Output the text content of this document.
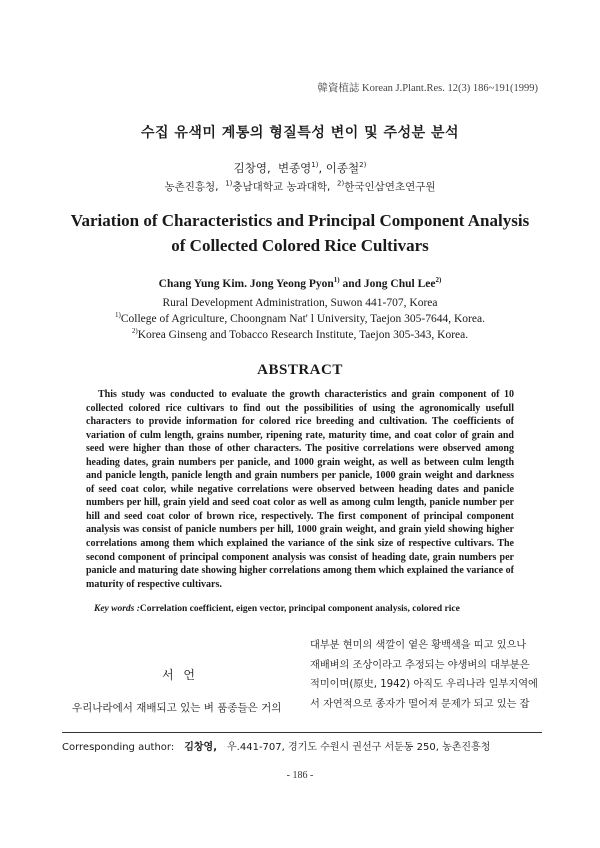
韓資植誌 Korean J.Plant.Res. 12(3) 186~191(1999)
수집 유색미 계통의 형질특성 변이 및 주성분 분석
김창영, 변종영$^{1)}$, 이종철$^{2)}$
농촌진흥청, $^{1)}$충남대학교 농과대학, $^{2)}$한국인삼연초연구원
Variation of Characteristics and Principal Component Analysis
of Collected Colored Rice Cultivars
Chang Yung Kim. Jong Yeong Pyon$^{1)}$ and Jong Chul Lee$^{2)}$
Rural Development Administration, Suwon 441-707, Korea
$^{1)}$College of Agriculture, Choongnam Nat' l University, Taejon 305-7644, Korea.
$^{2)}$Korea Ginseng and Tobacco Research Institute, Taejon 305-343, Korea.
ABSTRACT
This study was conducted to evaluate the growth characteristics and grain component of 10 collected colored rice cultivars to find out the possibilities of using the agronomically usefull characters to provide information for colored rice breeding and cultivation. The coefficients of variation of culm length, grains number, ripening rate, maturity time, and coat color of grain and seed were higher than those of other characters. The positive correlations were observed among heading dates, grain numbers per panicle, and 1000 grain weight, as well as between culm length and panicle length, panicle length and grain numbers per panicle, 1000 grain weight and darkness of seed coat color, while negative correlations were observed between heading dates and panicle numbers per hill, grain yield and seed coat color as well as among culm length, panicle number per hill and seed coat color of brown rice, respectively. The first component of principal component analysis was consist of panicle numbers per hill, 1000 grain weight, and grain yield showing higher correlations among them which explained the variance of the sink size of respective cultivars. The second component of principal component analysis was consist of heading date, grain numbers per panicle and maturing date showing higher correlations among them which explained the variance of maturity of respective cultivars.
Key words :Correlation coefficient, eigen vector, principal component analysis, colored rice
서 언
우리나라에서 재배되고 있는 벼 품종들은 거의
대부분 현미의 색깔이 옅은 황백색을 띠고 있으나
재배벼의 조상이라고 추정되는 야생벼의 대부분은
적미이며(原史, 1942) 아직도 우리나라 일부지역에
서 자연적으로 종자가 떨어져 문제가 되고 있는 잡
Corresponding author: 김창영, 우.441-707, 경기도 수원시 권선구 서둔동 250, 농촌진흥청
- 186 -
